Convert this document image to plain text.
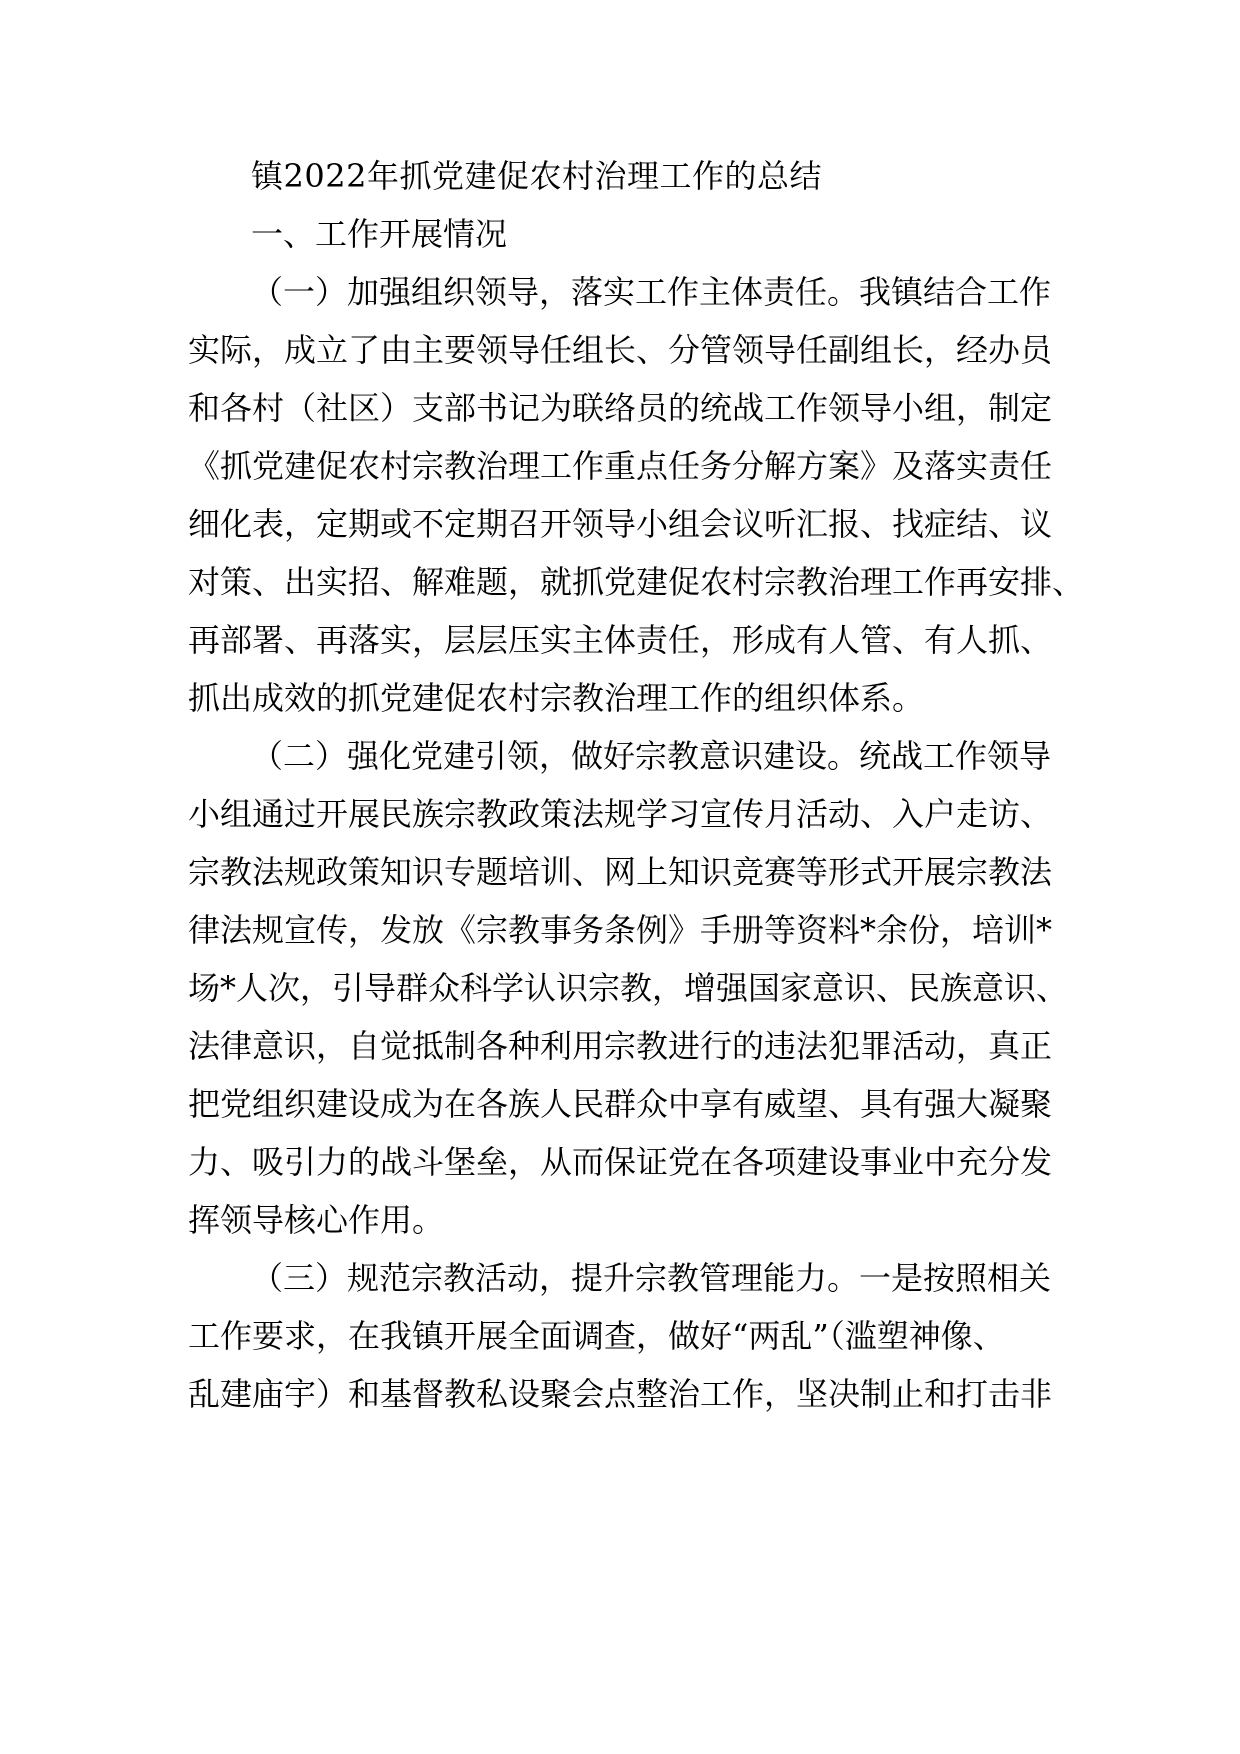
镇2022年抓党建促农村治理工作的总结
一、工作开展情况
（一）加强组织领导，落实工作主体责任。我镇结合工作
实际，成立了由主要领导任组长、分管领导任副组长，经办员
和各村（社区）支部书记为联络员的统战工作领导小组，制定
《抓党建促农村宗教治理工作重点任务分解方案》及落实责任
细化表，定期或不定期召开领导小组会议听汇报、找症结、议
对策、出实招、解难题，就抓党建促农村宗教治理工作再安排、
再部署、再落实，层层压实主体责任，形成有人管、有人抓、
抓出成效的抓党建促农村宗教治理工作的组织体系。
（二）强化党建引领，做好宗教意识建设。统战工作领导
小组通过开展民族宗教政策法规学习宣传月活动、入户走访、
宗教法规政策知识专题培训、网上知识竞赛等形式开展宗教法
律法规宣传，发放《宗教事务条例》手册等资料*余份，培训*
场*人次，引导群众科学认识宗教，增强国家意识、民族意识、
法律意识，自觉抵制各种利用宗教进行的违法犯罪活动，真正
把党组织建设成为在各族人民群众中享有威望、具有强大凝聚
力、吸引力的战斗堡垒，从而保证党在各项建设事业中充分发
挥领导核心作用。
（三）规范宗教活动，提升宗教管理能力。一是按照相关
工作要求，在我镇开展全面调查，做好“两乱”（滥塑神像、
乱建庙宇）和基督教私设聚会点整治工作，坚决制止和打击非
